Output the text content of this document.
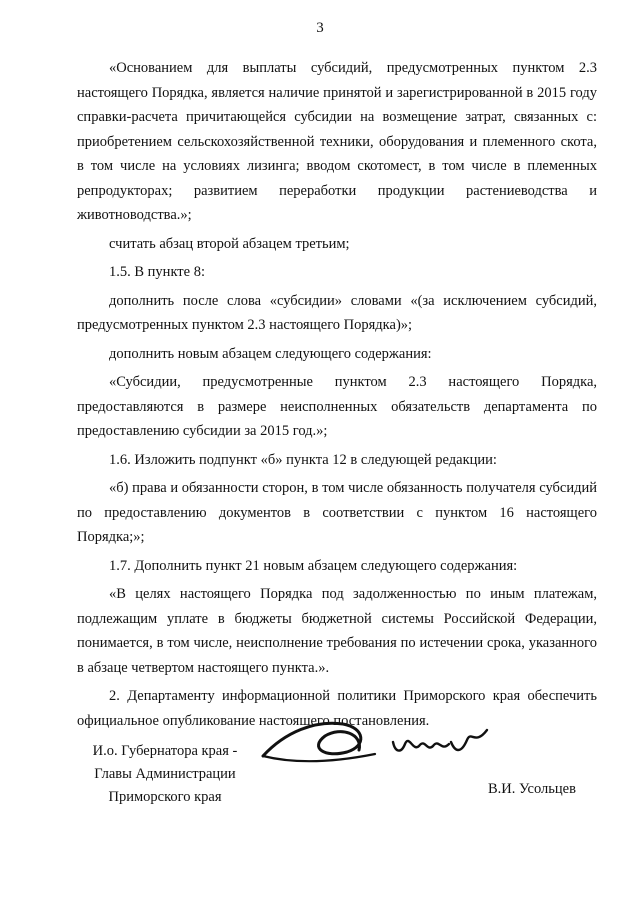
3

«Основанием для выплаты субсидий, предусмотренных пунктом 2.3 настоящего Порядка, является наличие принятой и зарегистрированной в 2015 году справки-расчета причитающейся субсидии на возмещение затрат, связанных с: приобретением сельскохозяйственной техники, оборудования и племенного скота, в том числе на условиях лизинга; вводом скотомест, в том числе в племенных репродукторах; развитием переработки продукции растениеводства и животноводства.»;

считать абзац второй абзацем третьим;

1.5. В пункте 8:

дополнить после слова «субсидии» словами «(за исключением субсидий, предусмотренных пунктом 2.3 настоящего Порядка)»;

дополнить новым абзацем следующего содержания:

«Субсидии, предусмотренные пунктом 2.3 настоящего Порядка, предоставляются в размере неисполненных обязательств департамента по предоставлению субсидии за 2015 год.»;

1.6. Изложить подпункт «б» пункта 12 в следующей редакции:

«б) права и обязанности сторон, в том числе обязанность получателя субсидий по предоставлению документов в соответствии с пунктом 16 настоящего Порядка;»;

1.7. Дополнить пункт 21 новым абзацем следующего содержания:

«В целях настоящего Порядка под задолженностью по иным платежам, подлежащим уплате в бюджеты бюджетной системы Российской Федерации, понимается, в том числе, неисполнение требования по истечении срока, указанного в абзаце четвертом настоящего пункта.».

2. Департаменту информационной политики Приморского края обеспечить официальное опубликование настоящего постановления.

И.о. Губернатора края -
Главы Администрации
Приморского края	В.И. Усольцев
